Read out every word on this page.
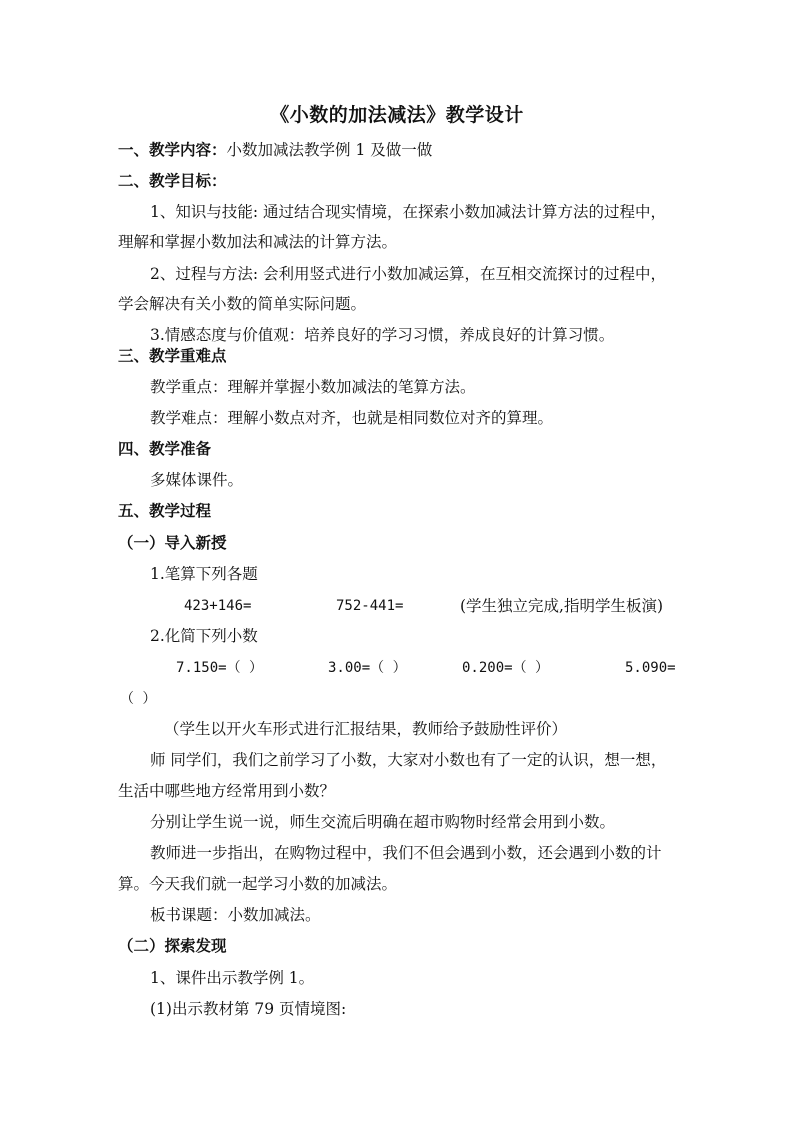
《小数的加法减法》教学设计
一、教学内容：小数加减法教学例 1 及做一做
二、教学目标：
1、知识与技能: 通过结合现实情境，在探索小数加减法计算方法的过程中，
理解和掌握小数加法和减法的计算方法。
2、过程与方法: 会利用竖式进行小数加减运算，在互相交流探讨的过程中，
学会解决有关小数的简单实际问题。
3.情感态度与价值观：培养良好的学习习惯，养成良好的计算习惯。
三、教学重难点
教学重点：理解并掌握小数加减法的笔算方法。
教学难点：理解小数点对齐，也就是相同数位对齐的算理。
四、教学准备
多媒体课件。
五、教学过程
（一）导入新授
1.笔算下列各题
423+146=	752-441=	(学生独立完成,指明学生板演)
2.化简下列小数
7.150=（ ）	3.00=（ ）	0.200=（ ）	5.090=
（ ）
（学生以开火车形式进行汇报结果，教师给予鼓励性评价）
师 同学们，我们之前学习了小数，大家对小数也有了一定的认识，想一想，
生活中哪些地方经常用到小数？
分别让学生说一说，师生交流后明确在超市购物时经常会用到小数。
教师进一步指出，在购物过程中，我们不但会遇到小数，还会遇到小数的计
算。今天我们就一起学习小数的加减法。
板书课题：小数加减法。
（二）探索发现
1、课件出示教学例 1。
(1)出示教材第 79 页情境图:
